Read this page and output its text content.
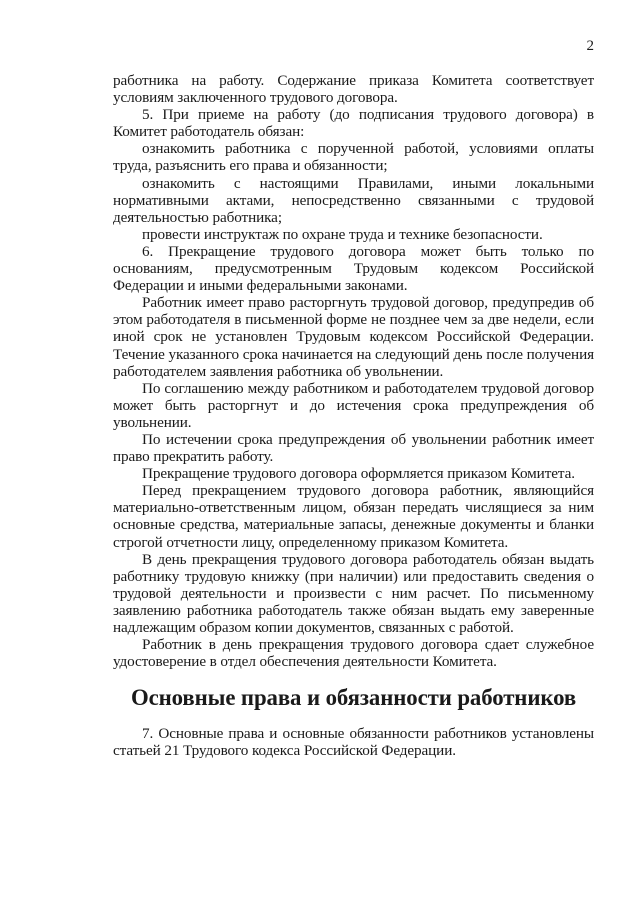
2

работника на работу. Содержание приказа Комитета соответствует условиям заключенного трудового договора.

5. При приеме на работу (до подписания трудового договора) в Комитет работодатель обязан:

ознакомить работника с порученной работой, условиями оплаты труда, разъяснить его права и обязанности;

ознакомить с настоящими Правилами, иными локальными нормативными актами, непосредственно связанными с трудовой деятельностью работника;

провести инструктаж по охране труда и технике безопасности.

6. Прекращение трудового договора может быть только по основаниям, предусмотренным Трудовым кодексом Российской Федерации и иными федеральными законами.

Работник имеет право расторгнуть трудовой договор, предупредив об этом работодателя в письменной форме не позднее чем за две недели, если иной срок не установлен Трудовым кодексом Российской Федерации. Течение указанного срока начинается на следующий день после получения работодателем заявления работника об увольнении.

По соглашению между работником и работодателем трудовой договор может быть расторгнут и до истечения срока предупреждения об увольнении.

По истечении срока предупреждения об увольнении работник имеет право прекратить работу.

Прекращение трудового договора оформляется приказом Комитета.

Перед прекращением трудового договора работник, являющийся материально-ответственным лицом, обязан передать числящиеся за ним основные средства, материальные запасы, денежные документы и бланки строгой отчетности лицу, определенному приказом Комитета.

В день прекращения трудового договора работодатель обязан выдать работнику трудовую книжку (при наличии) или предоставить сведения о трудовой деятельности и произвести с ним расчет. По письменному заявлению работника работодатель также обязан выдать ему заверенные надлежащим образом копии документов, связанных с работой.

Работник в день прекращения трудового договора сдает служебное удостоверение в отдел обеспечения деятельности Комитета.

Основные права и обязанности работников

7. Основные права и основные обязанности работников установлены статьей 21 Трудового кодекса Российской Федерации.
